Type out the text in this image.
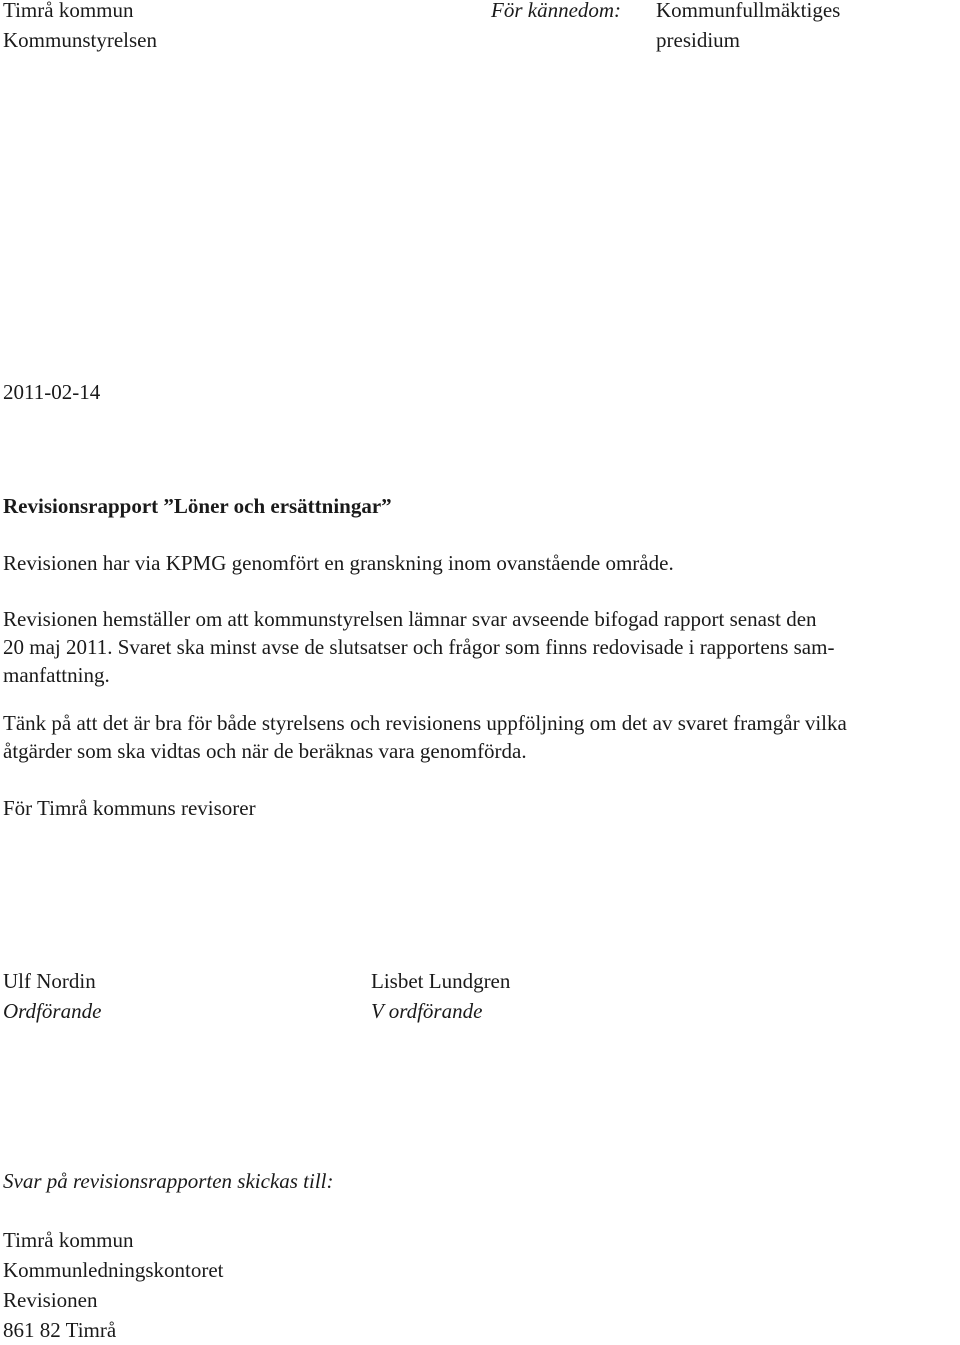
Timrå kommun
Kommunstyrelsen
För kännedom: Kommunfullmäktiges
presidium
2011-02-14
Revisionsrapport ”Löner och ersättningar”
Revisionen har via KPMG genomfört en granskning inom ovanstående område.
Revisionen hemställer om att kommunstyrelsen lämnar svar avseende bifogad rapport senast den
20 maj 2011. Svaret ska minst avse de slutsatser och frågor som finns redovisade i rapportens sam-
manfattning.
Tänk på att det är bra för både styrelsens och revisionens uppföljning om det av svaret framgår vilka
åtgärder som ska vidtas och när de beräknas vara genomförda.
För Timrå kommuns revisorer
Ulf Nordin
Ordförande
Lisbet Lundgren
V ordförande
Svar på revisionsrapporten skickas till:
Timrå kommun
Kommunledningskontoret
Revisionen
861 82 Timrå
